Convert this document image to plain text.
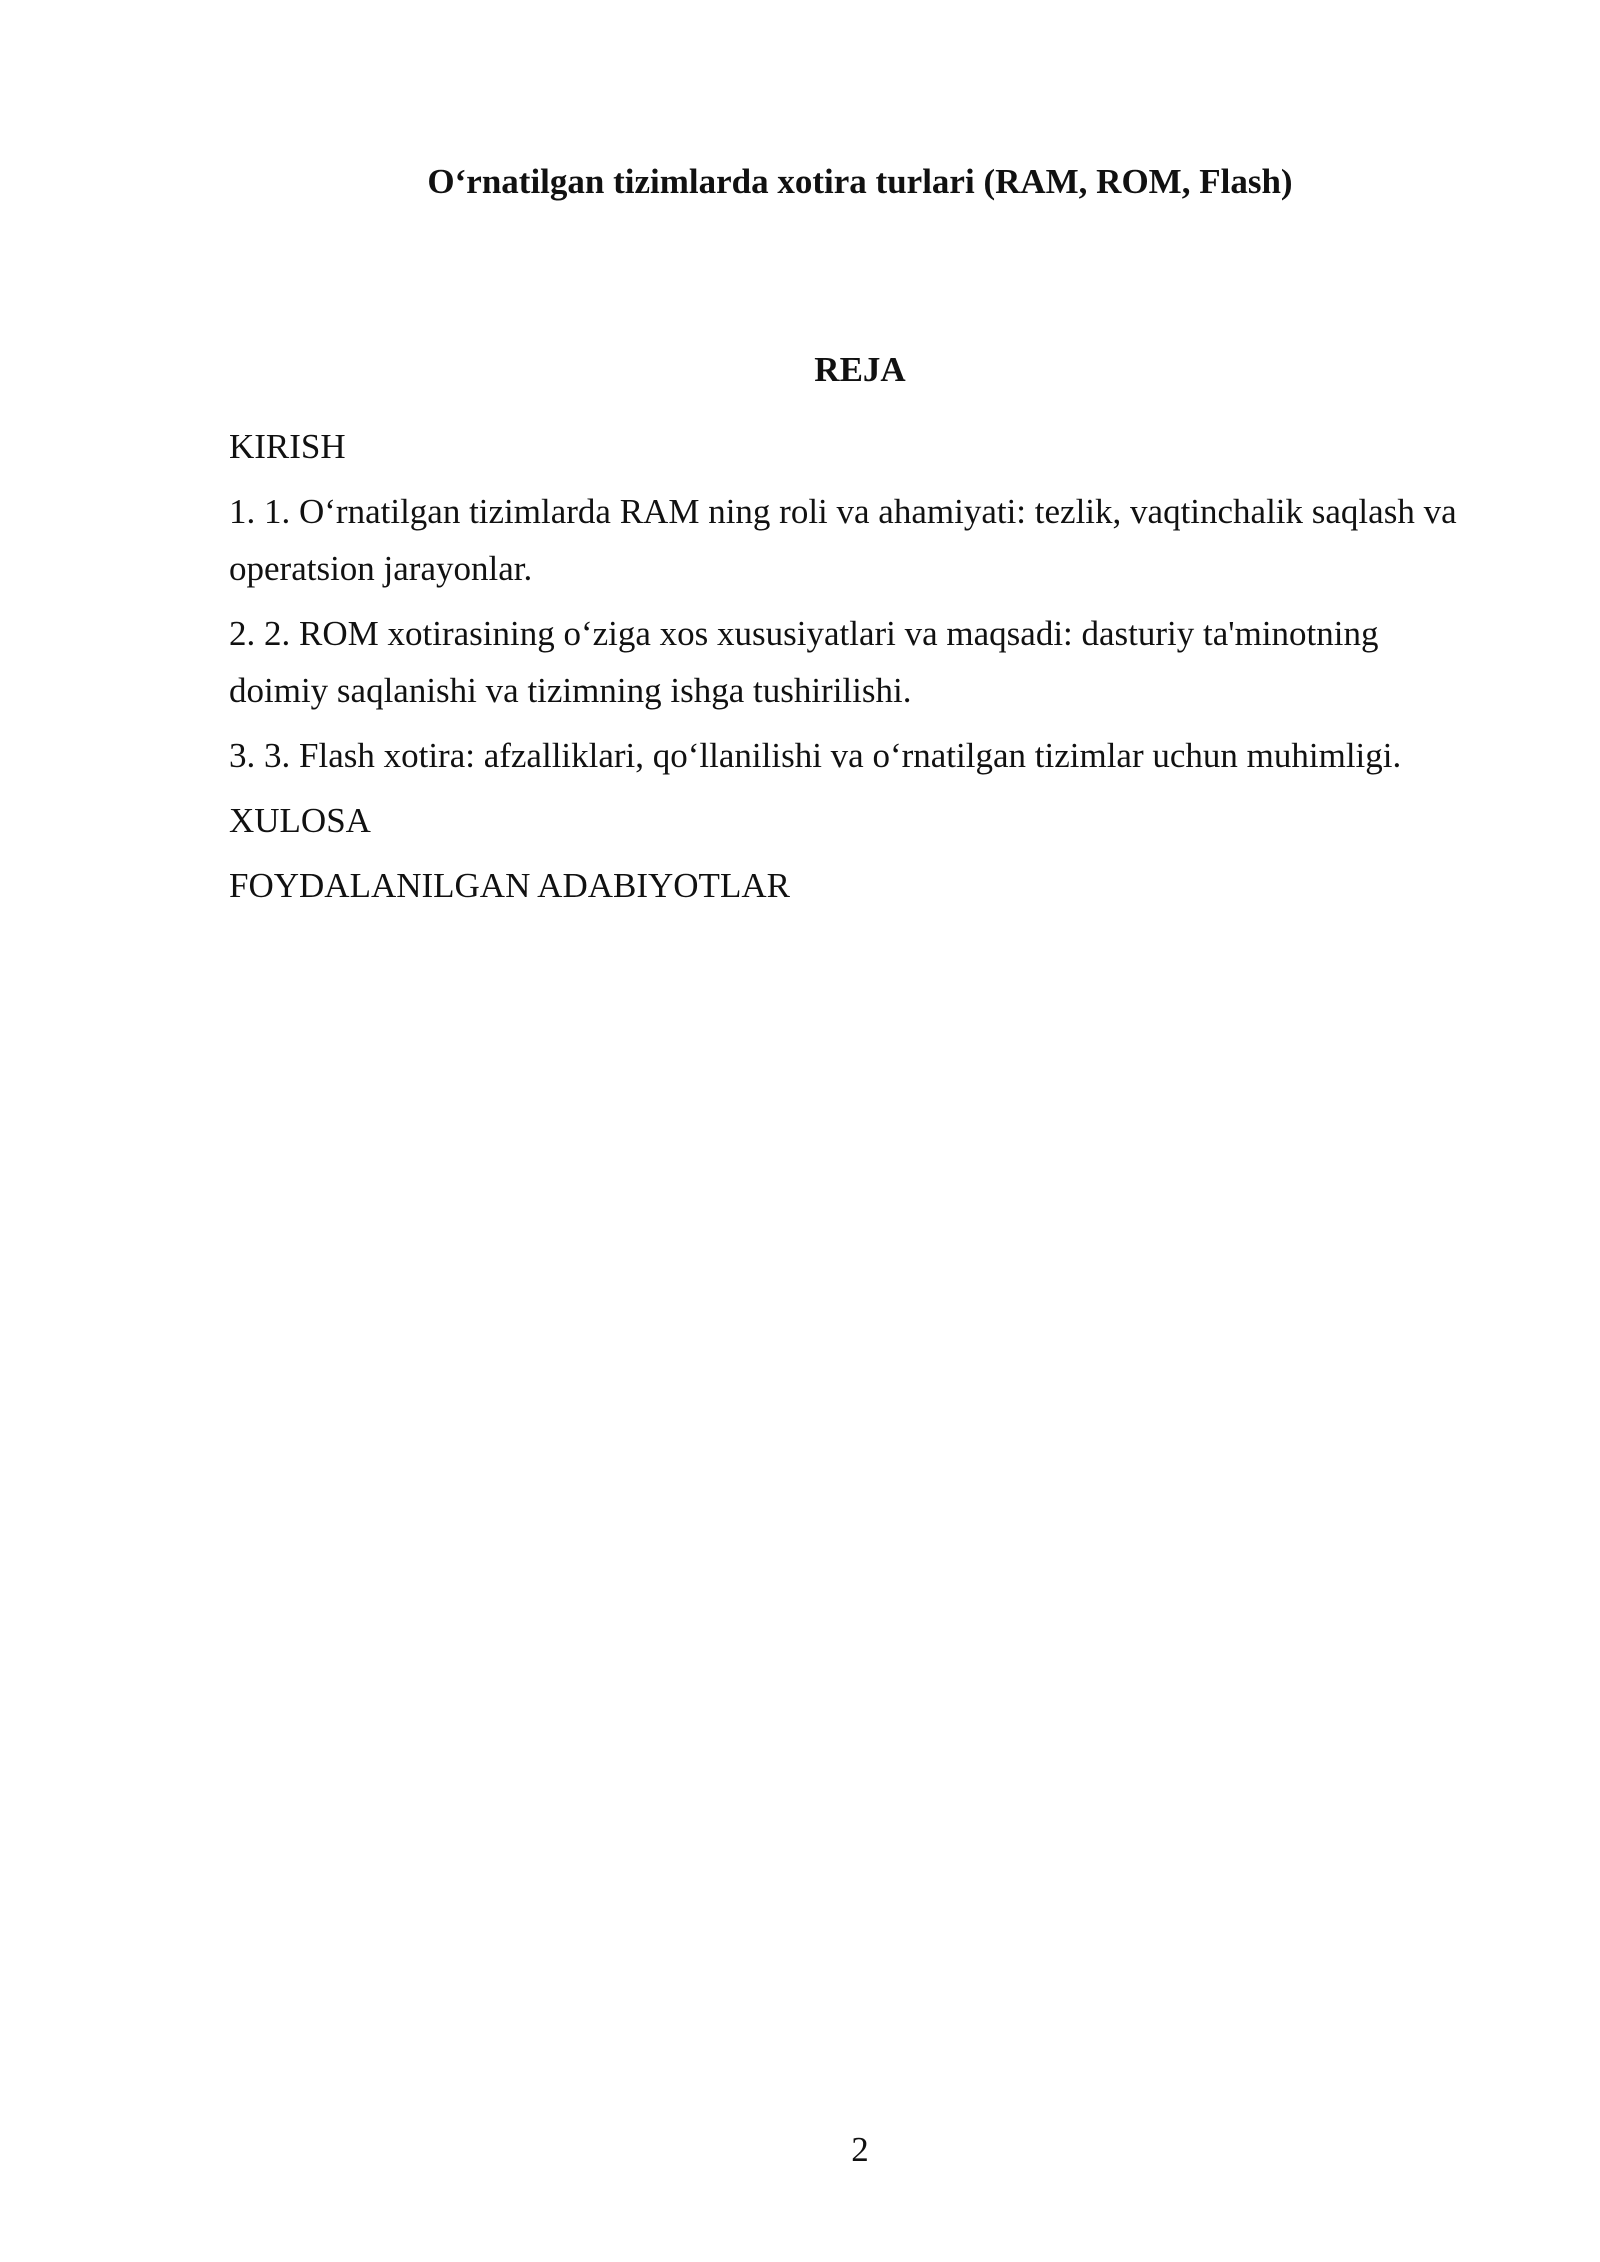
O‘rnatilgan tizimlarda xotira turlari (RAM, ROM, Flash)
REJA
KIRISH
1. 1. O‘rnatilgan tizimlarda RAM ning roli va ahamiyati: tezlik, vaqtinchalik saqlash va operatsion jarayonlar.
2. 2. ROM xotirasining o‘ziga xos xususiyatlari va maqsadi: dasturiy ta'minotning doimiy saqlanishi va tizimning ishga tushirilishi.
3. 3. Flash xotira: afzalliklari, qo‘llanilishi va o‘rnatilgan tizimlar uchun muhimligi.
XULOSA
FOYDALANILGAN ADABIYOTLAR
2
